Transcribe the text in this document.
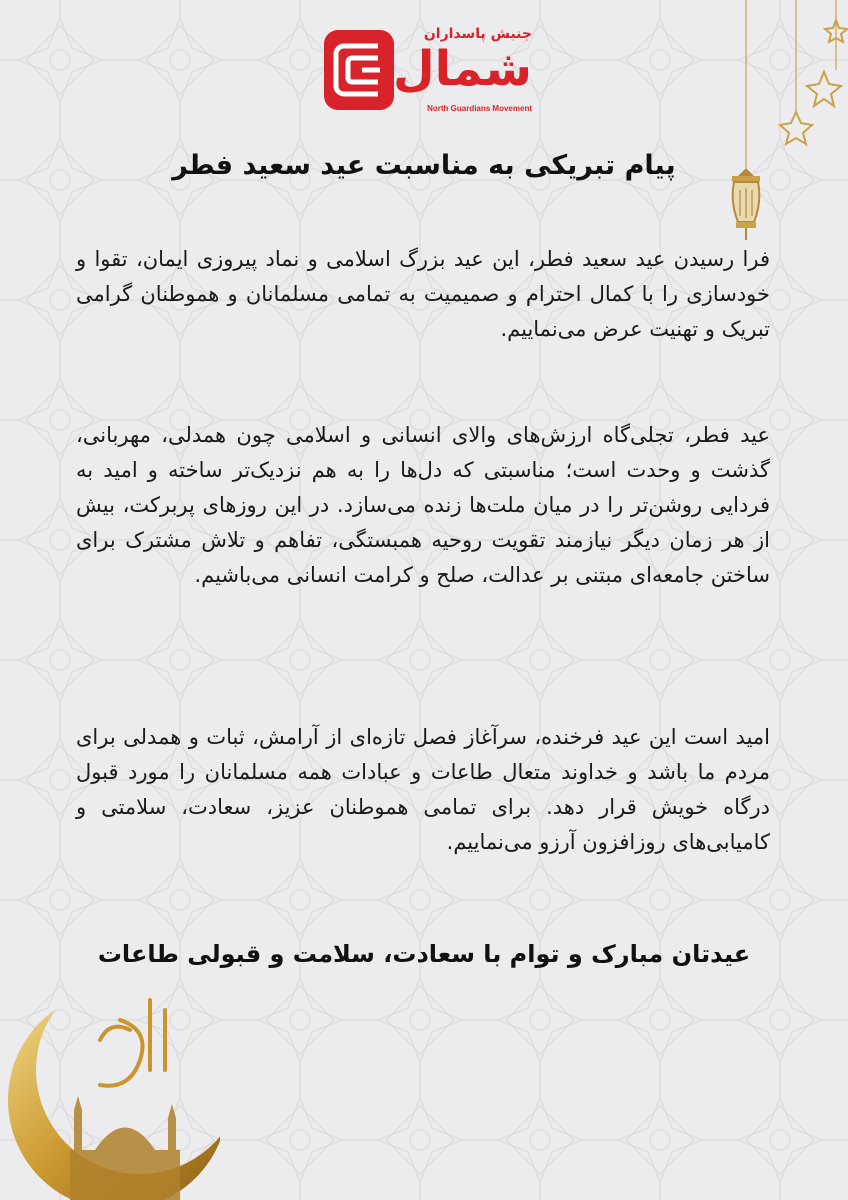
جنبش پاسداران
شمال
North Guardians Movement
پیام تبریکی به مناسبت عید سعید فطر
فرا رسیدن عید سعید فطر، این عید بزرگ اسلامی و نماد پیروزی ایمان، تقوا و خودسازی را با کمال احترام و صمیمیت به تمامی مسلمانان و هموطنان گرامی تبریک و تهنیت عرض می‌نماییم.
عید فطر، تجلی‌گاه ارزش‌های والای انسانی و اسلامی چون همدلی، مهربانی، گذشت و وحدت است؛ مناسبتی که دل‌ها را به هم نزدیک‌تر ساخته و امید به فردایی روشن‌تر را در میان ملت‌ها زنده می‌سازد. در این روزهای پربرکت، بیش از هر زمان دیگر نیازمند تقویت روحیه همبستگی، تفاهم و تلاش مشترک برای ساختن جامعه‌ای مبتنی بر عدالت، صلح و کرامت انسانی می‌باشیم.
امید است این عید فرخنده، سرآغاز فصل تازه‌ای از آرامش، ثبات و همدلی برای مردم ما باشد و خداوند متعال طاعات و عبادات همه مسلمانان را مورد قبول درگاه خویش قرار دهد. برای تمامی هموطنان عزیز، سعادت، سلامتی و کامیابی‌های روزافزون آرزو می‌نماییم.
عیدتان مبارک و توام با سعادت، سلامت و قبولی طاعات
